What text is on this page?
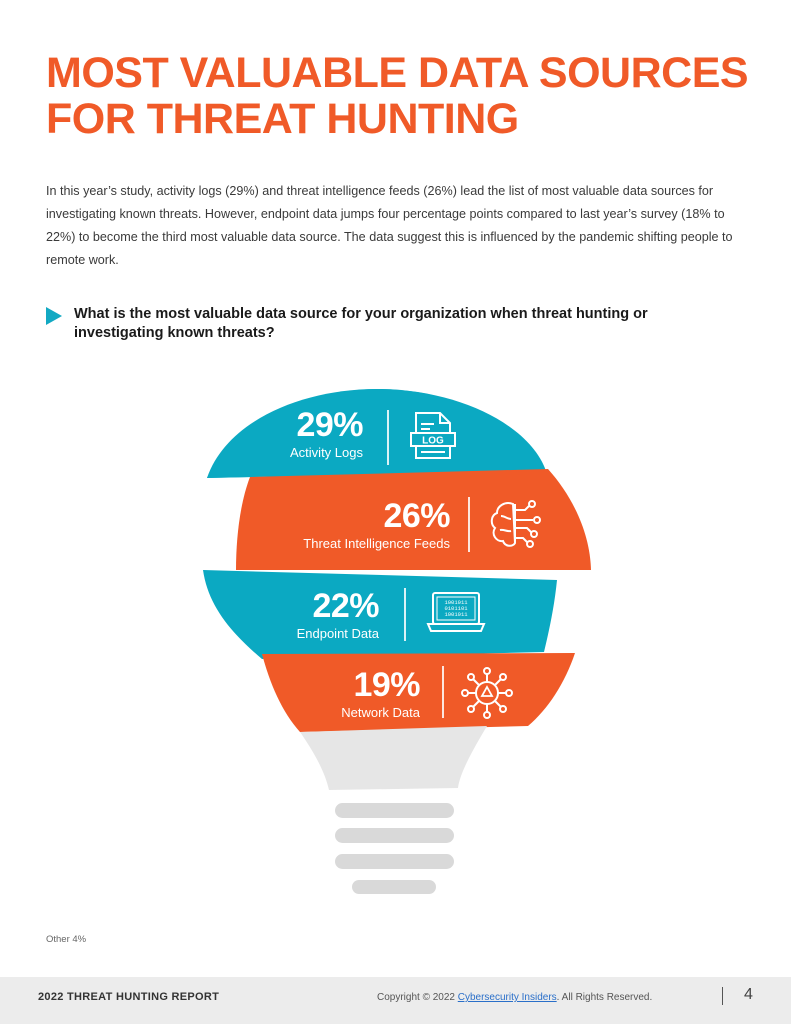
MOST VALUABLE DATA SOURCES
FOR THREAT HUNTING

In this year’s study, activity logs (29%) and threat intelligence feeds (26%) lead the list of most valuable data sources for investigating known threats. However, endpoint data jumps four percentage points compared to last year’s survey (18% to 22%) to become the third most valuable data source. The data suggest this is influenced by the pandemic shifting people to remote work.

What is the most valuable data source for your organization when threat hunting or investigating known threats?
29%
Activity Logs
LOG
26%
Threat Intelligence Feeds
22%
Endpoint Data
1001011
0101101
1001011
19%
Network Data
Other 4%
2022 THREAT HUNTING REPORT	Copyright © 2022 Cybersecurity Insiders. All Rights Reserved.	4
